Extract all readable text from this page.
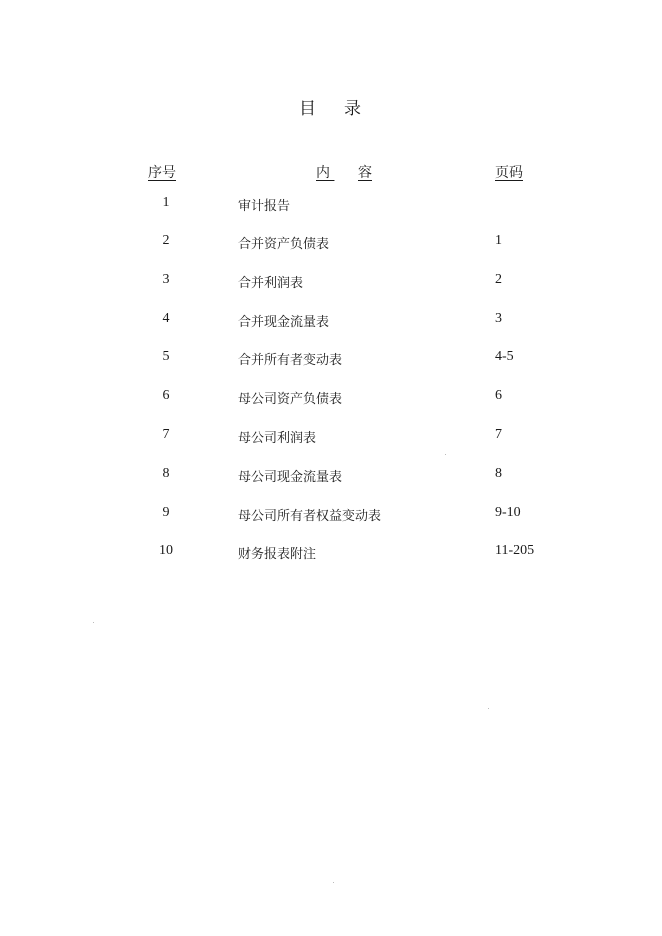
目 录
序号	内 容	页码
1	审计报告
2	合并资产负债表	1
3	合并利润表	2
4	合并现金流量表	3
5	合并所有者变动表	4-5
6	母公司资产负债表	6
7	母公司利润表	7
8	母公司现金流量表	8
9	母公司所有者权益变动表	9-10
10	财务报表附注	11-205
